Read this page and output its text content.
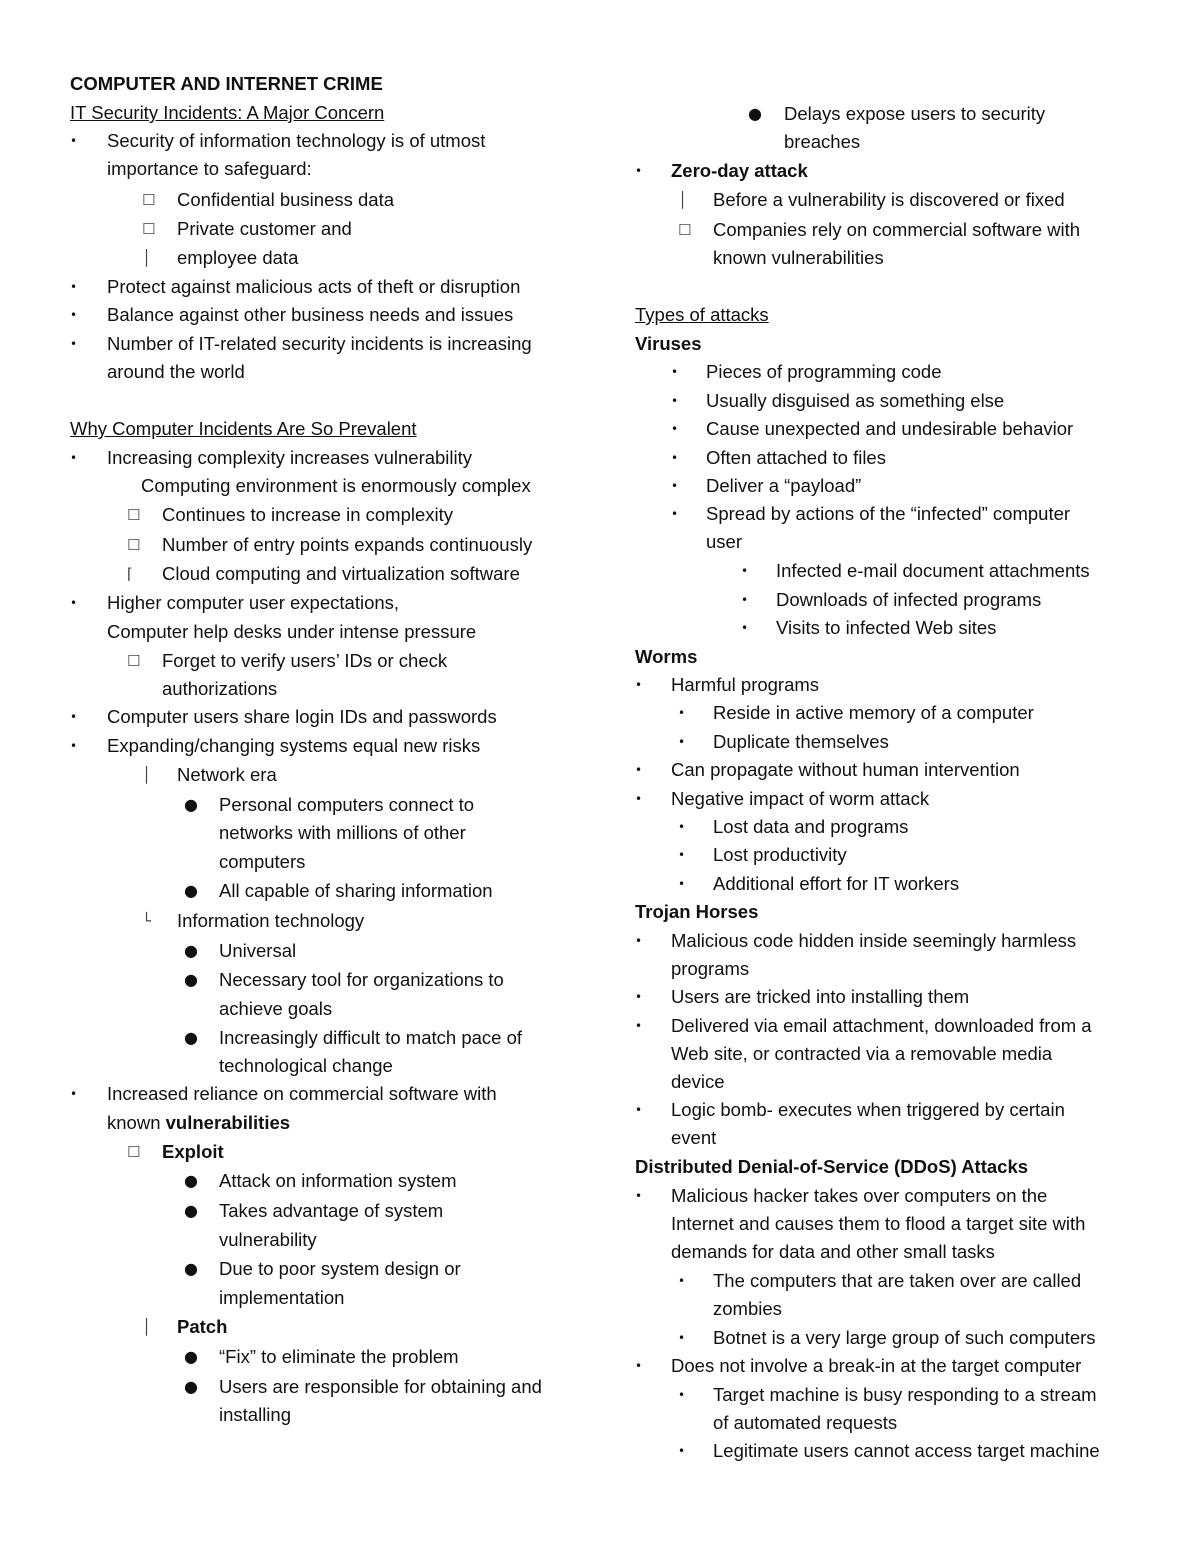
COMPUTER AND INTERNET CRIME
IT Security Incidents: A Major Concern
• Security of information technology is of utmost
importance to safeguard:
☐ Confidential business data
☐ Private customer and
│ employee data
• Protect against malicious acts of theft or disruption
• Balance against other business needs and issues
• Number of IT-related security incidents is increasing
around the world
Why Computer Incidents Are So Prevalent
• Increasing complexity increases vulnerability
Computing environment is enormously complex
☐ Continues to increase in complexity
☐ Number of entry points expands continuously
⌈ Cloud computing and virtualization software
• Higher computer user expectations,
Computer help desks under intense pressure
☐ Forget to verify users’ IDs or check
authorizations
• Computer users share login IDs and passwords
• Expanding/changing systems equal new risks
│ Network era
● Personal computers connect to
networks with millions of other
computers
● All capable of sharing information
└ Information technology
● Universal
● Necessary tool for organizations to
achieve goals
● Increasingly difficult to match pace of
technological change
• Increased reliance on commercial software with
known vulnerabilities
☐ Exploit
● Attack on information system
● Takes advantage of system
vulnerability
● Due to poor system design or
implementation
│ Patch
● “Fix” to eliminate the problem
● Users are responsible for obtaining and
installing
● Delays expose users to security
breaches
• Zero-day attack
│ Before a vulnerability is discovered or fixed
☐ Companies rely on commercial software with
known vulnerabilities
Types of attacks
Viruses
• Pieces of programming code
• Usually disguised as something else
• Cause unexpected and undesirable behavior
• Often attached to files
• Deliver a “payload”
• Spread by actions of the “infected” computer
user
• Infected e-mail document attachments
• Downloads of infected programs
• Visits to infected Web sites
Worms
• Harmful programs
• Reside in active memory of a computer
• Duplicate themselves
• Can propagate without human intervention
• Negative impact of worm attack
• Lost data and programs
• Lost productivity
• Additional effort for IT workers
Trojan Horses
• Malicious code hidden inside seemingly harmless
programs
• Users are tricked into installing them
• Delivered via email attachment, downloaded from a
Web site, or contracted via a removable media
device
• Logic bomb- executes when triggered by certain
event
Distributed Denial-of-Service (DDoS) Attacks
• Malicious hacker takes over computers on the
Internet and causes them to flood a target site with
demands for data and other small tasks
• The computers that are taken over are called
zombies
• Botnet is a very large group of such computers
• Does not involve a break-in at the target computer
• Target machine is busy responding to a stream
of automated requests
• Legitimate users cannot access target machine
